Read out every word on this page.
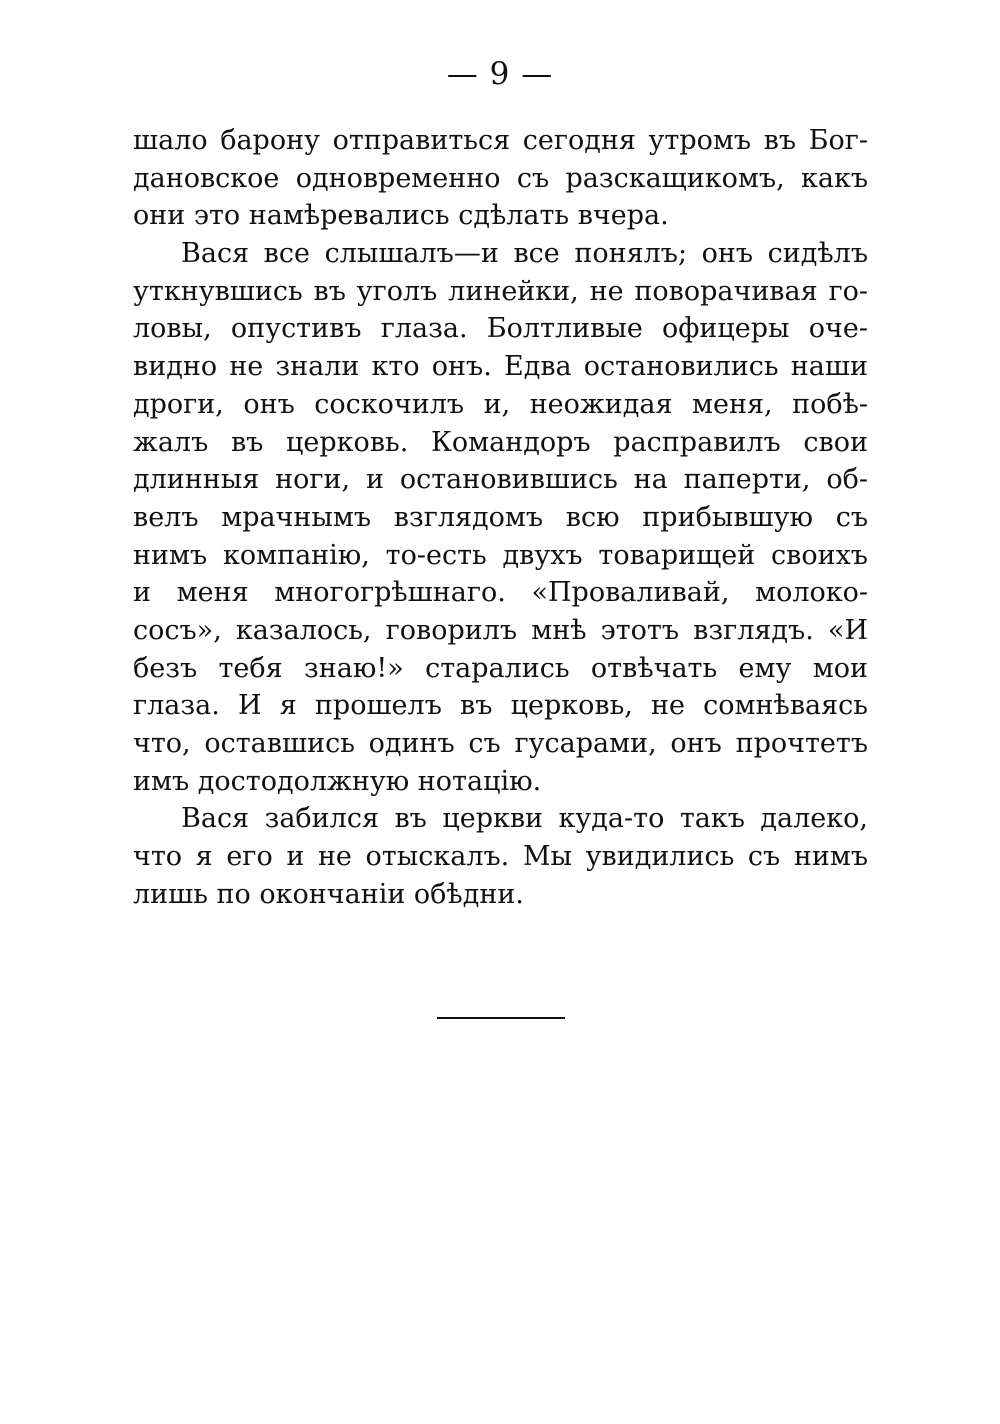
— 9 —
шало барону отправиться сегодня утромъ въ Бог-
дановское одновременно съ разскащикомъ, какъ
они это намѣревались сдѣлать вчера.
Вася все слышалъ—и все понялъ; онъ сидѣлъ
уткнувшись въ уголъ линейки, не поворачивая го-
ловы, опустивъ глаза. Болтливые офицеры оче-
видно не знали кто онъ. Едва остановились наши
дроги, онъ соскочилъ и, неожидая меня, побѣ-
жалъ въ церковь. Командоръ расправилъ свои
длинныя ноги, и остановившись на паперти, об-
велъ мрачнымъ взглядомъ всю прибывшую съ
нимъ компанію, то-есть двухъ товарищей своихъ
и меня многогрѣшнаго. «Проваливай, молоко-
сосъ», казалось, говорилъ мнѣ этотъ взглядъ. «И
безъ тебя знаю!» старались отвѣчать ему мои
глаза. И я прошелъ въ церковь, не сомнѣваясь
что, оставшись одинъ съ гусарами, онъ прочтетъ
имъ достодолжную нотацію.
Вася забился въ церкви куда-то такъ далеко,
что я его и не отыскалъ. Мы увидились съ нимъ
лишь по окончаніи обѣдни.
